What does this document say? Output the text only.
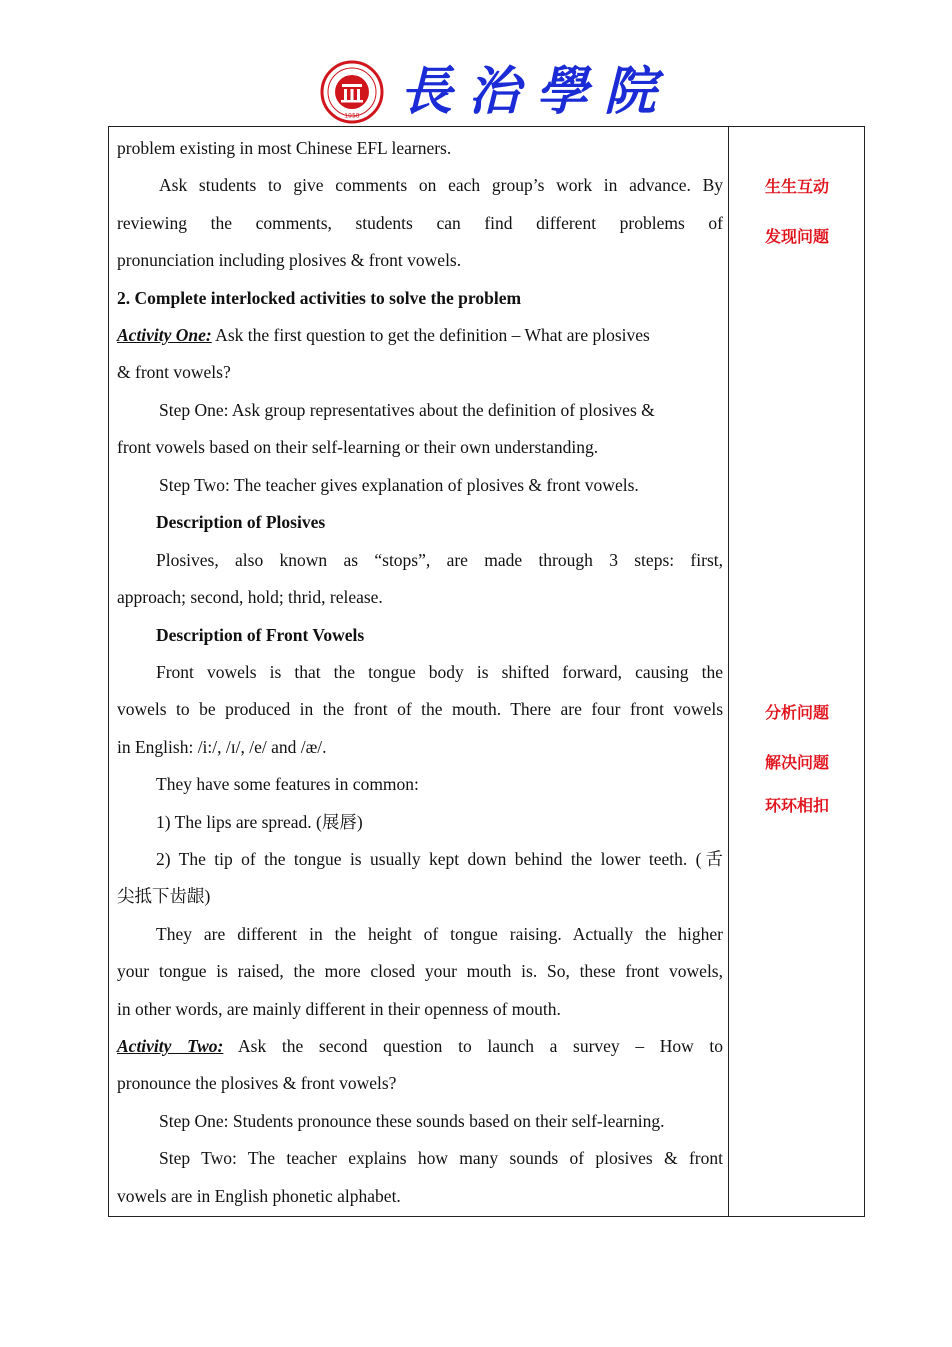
1958 長治學院
problem existing in most Chinese EFL learners.
Ask students to give comments on each group’s work in advance. By
reviewing the comments, students can find different problems of
pronunciation including plosives & front vowels.
2. Complete interlocked activities to solve the problem
Activity One: Ask the first question to get the definition – What are plosives
& front vowels?
Step One: Ask group representatives about the definition of plosives &
front vowels based on their self-learning or their own understanding.
Step Two: The teacher gives explanation of plosives & front vowels.
Description of Plosives
Plosives, also known as “stops”, are made through 3 steps: first,
approach; second, hold; thrid, release.
Description of Front Vowels
Front vowels is that the tongue body is shifted forward, causing the
vowels to be produced in the front of the mouth. There are four front vowels
in English: /i:/, /ɪ/, /e/ and /æ/.
They have some features in common:
1) The lips are spread. (展唇)
2) The tip of the tongue is usually kept down behind the lower teeth. (舌
尖抵下齿龈)
They are different in the height of tongue raising. Actually the higher
your tongue is raised, the more closed your mouth is. So, these front vowels,
in other words, are mainly different in their openness of mouth.
Activity Two: Ask the second question to launch a survey – How to
pronounce the plosives & front vowels?
Step One: Students pronounce these sounds based on their self-learning.
Step Two: The teacher explains how many sounds of plosives & front
vowels are in English phonetic alphabet.
生生互动
发现问题
分析问题
解决问题
环环相扣
